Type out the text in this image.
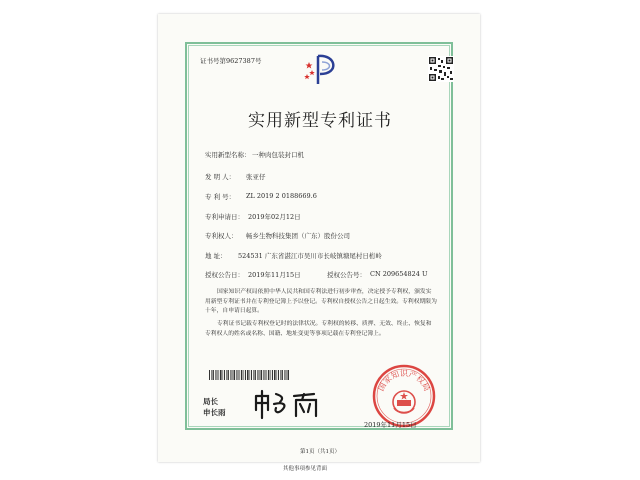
证书号第9627387号
实用新型专利证书
实用新型名称： 一种肉包装封口机
发 明 人： 张亚仔
专 利 号： ZL 2019 2 0188669.6
专利申请日： 2019年02月12日
专利权人： 畅乡生物科技集团（广东）股份公司
地 址： 524531 广东省湛江市吴川市长岐镇塘尾村日桁岭
授权公告日： 2019年11月15日	授权公告号： CN 209654824 U
国家知识产权局依照中华人民共和国专利法进行初步审查，决定授予专利权，颁发实用新型专利证书并在专利登记簿上予以登记。专利权自授权公告之日起生效。专利权期限为十年，自申请日起算。
专利证书记载专利权登记时的法律状况。专利权的转移、质押、无效、终止、恢复和专利权人的姓名或名称、国籍、地址变更等事项记载在专利登记簿上。
局长
申长雨
国家知识产权局
2019年11月15日
第1页（共1页）
其他事项参见背面
